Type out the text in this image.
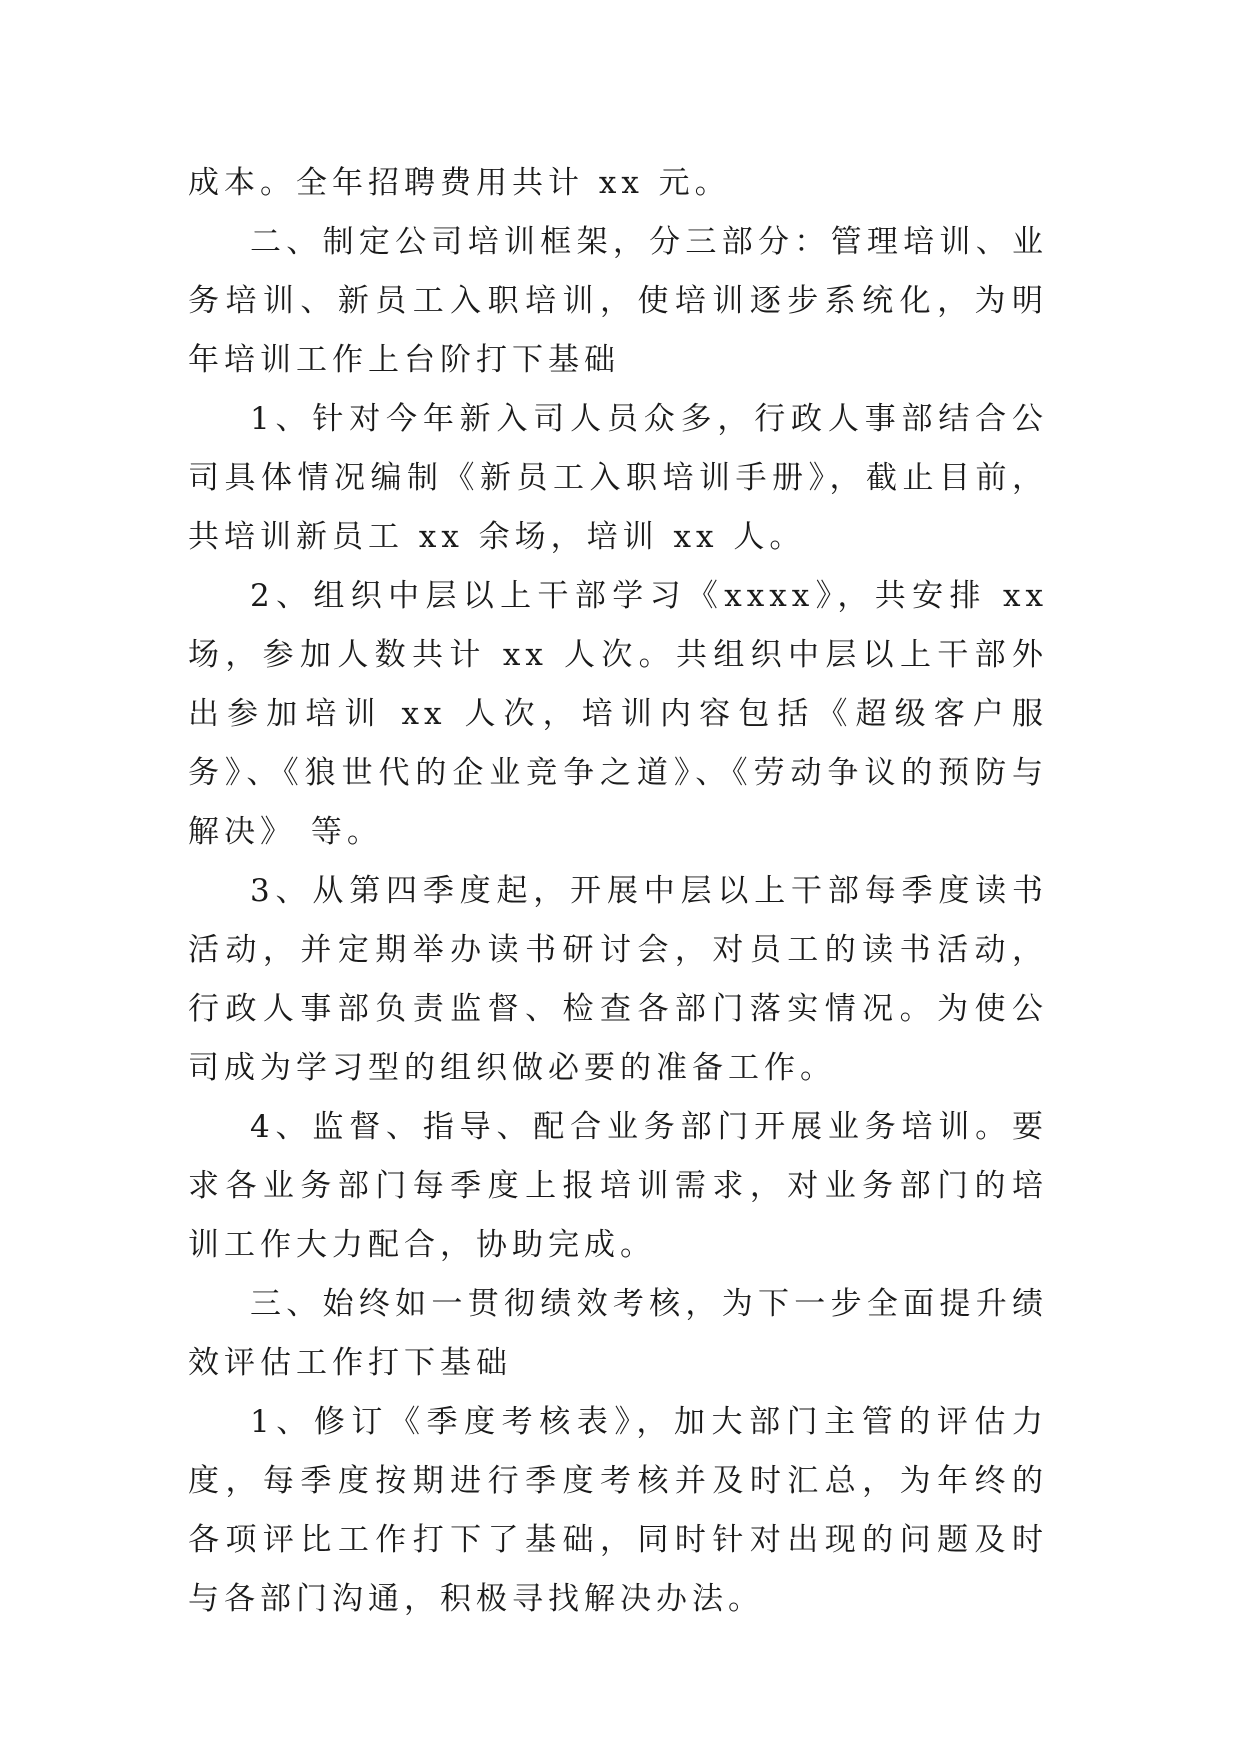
成本。全年招聘费用共计 xx 元。

二、制定公司培训框架，分三部分：管理培训、业务培训、新员工入职培训，使培训逐步系统化，为明年培训工作上台阶打下基础

1、针对今年新入司人员众多，行政人事部结合公司具体情况编制《新员工入职培训手册》，截止目前，共培训新员工 xx 余场，培训 xx 人。

2、组织中层以上干部学习《xxxx》，共安排 xx 场，参加人数共计 xx 人次。共组织中层以上干部外出参加培训 xx 人次，培训内容包括《超级客户服务》、《狼世代的企业竞争之道》、《劳动争议的预防与解决》 等。

3、从第四季度起，开展中层以上干部每季度读书活动，并定期举办读书研讨会，对员工的读书活动，行政人事部负责监督、检查各部门落实情况。为使公司成为学习型的组织做必要的准备工作。

4、监督、指导、配合业务部门开展业务培训。要求各业务部门每季度上报培训需求，对业务部门的培训工作大力配合，协助完成。

三、始终如一贯彻绩效考核，为下一步全面提升绩效评估工作打下基础

1、修订《季度考核表》，加大部门主管的评估力度，每季度按期进行季度考核并及时汇总，为年终的各项评比工作打下了基础，同时针对出现的问题及时与各部门沟通，积极寻找解决办法。
